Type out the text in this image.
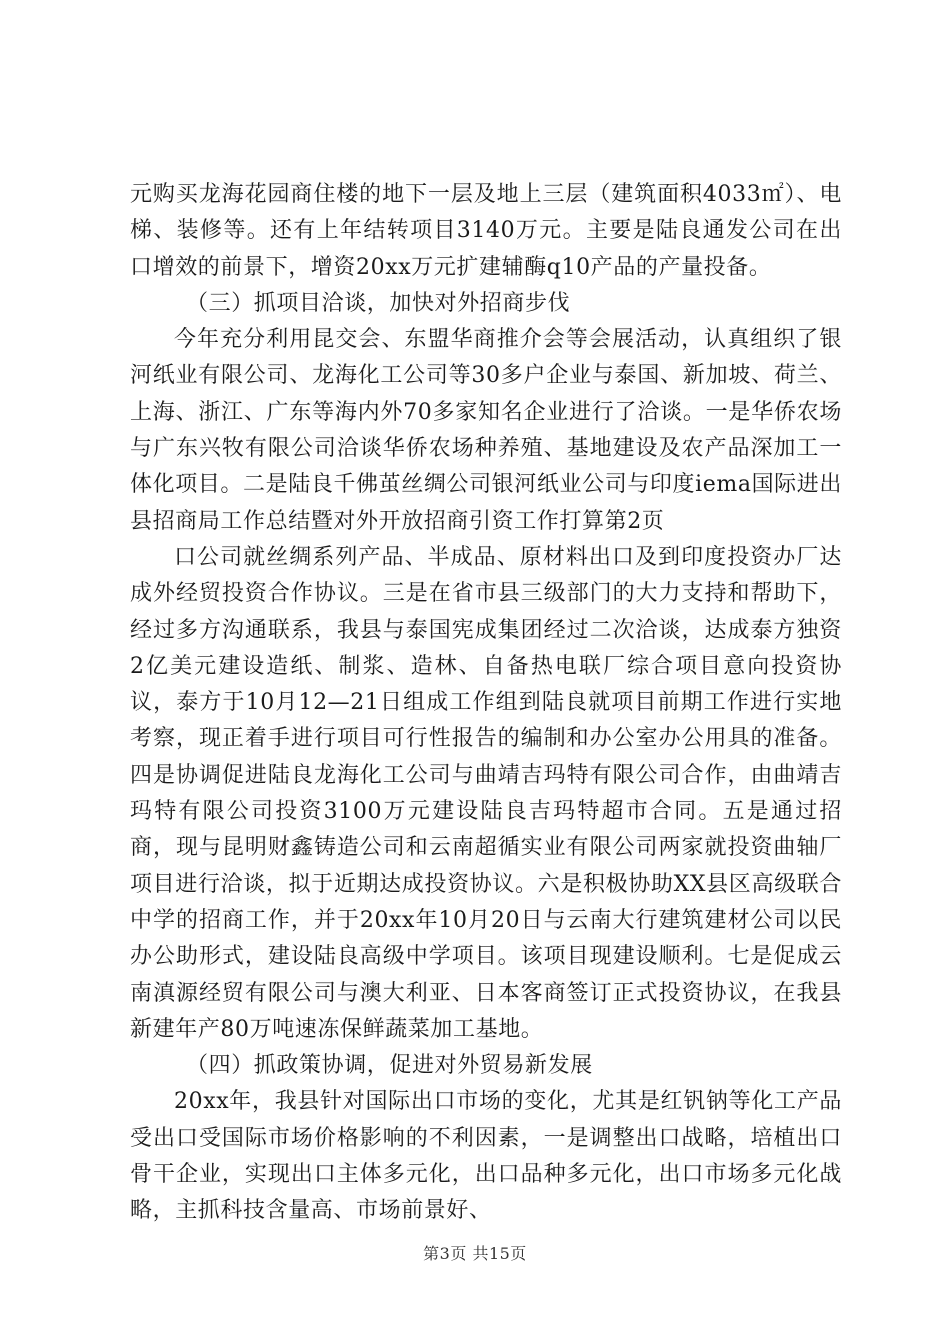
元购买龙海花园商住楼的地下一层及地上三层（建筑面积4033㎡）、电梯、装修等。还有上年结转项目3140万元。主要是陆良通发公司在出口增效的前景下，增资20xx万元扩建辅酶q10产品的产量投备。

（三）抓项目洽谈，加快对外招商步伐

今年充分利用昆交会、东盟华商推介会等会展活动，认真组织了银河纸业有限公司、龙海化工公司等30多户企业与泰国、新加坡、荷兰、上海、浙江、广东等海内外70多家知名企业进行了洽谈。一是华侨农场与广东兴牧有限公司洽谈华侨农场种养殖、基地建设及农产品深加工一体化项目。二是陆良千佛茧丝绸公司银河纸业公司与印度iema国际进出县招商局工作总结暨对外开放招商引资工作打算第2页

口公司就丝绸系列产品、半成品、原材料出口及到印度投资办厂达成外经贸投资合作协议。三是在省市县三级部门的大力支持和帮助下，经过多方沟通联系，我县与泰国宪成集团经过二次洽谈，达成泰方独资2亿美元建设造纸、制浆、造林、自备热电联厂综合项目意向投资协议，泰方于10月12—21日组成工作组到陆良就项目前期工作进行实地考察，现正着手进行项目可行性报告的编制和办公室办公用具的准备。四是协调促进陆良龙海化工公司与曲靖吉玛特有限公司合作，由曲靖吉玛特有限公司投资3100万元建设陆良吉玛特超市合同。五是通过招商，现与昆明财鑫铸造公司和云南超循实业有限公司两家就投资曲轴厂项目进行洽谈，拟于近期达成投资协议。六是积极协助XX县区高级联合中学的招商工作，并于20xx年10月20日与云南大行建筑建材公司以民办公助形式，建设陆良高级中学项目。该项目现建设顺利。七是促成云南滇源经贸有限公司与澳大利亚、日本客商签订正式投资协议，在我县新建年产80万吨速冻保鲜蔬菜加工基地。

（四）抓政策协调，促进对外贸易新发展

20xx年，我县针对国际出口市场的变化，尤其是红钒钠等化工产品受出口受国际市场价格影响的不利因素，一是调整出口战略，培植出口骨干企业，实现出口主体多元化，出口品种多元化，出口市场多元化战略，主抓科技含量高、市场前景好、

第3页 共15页
